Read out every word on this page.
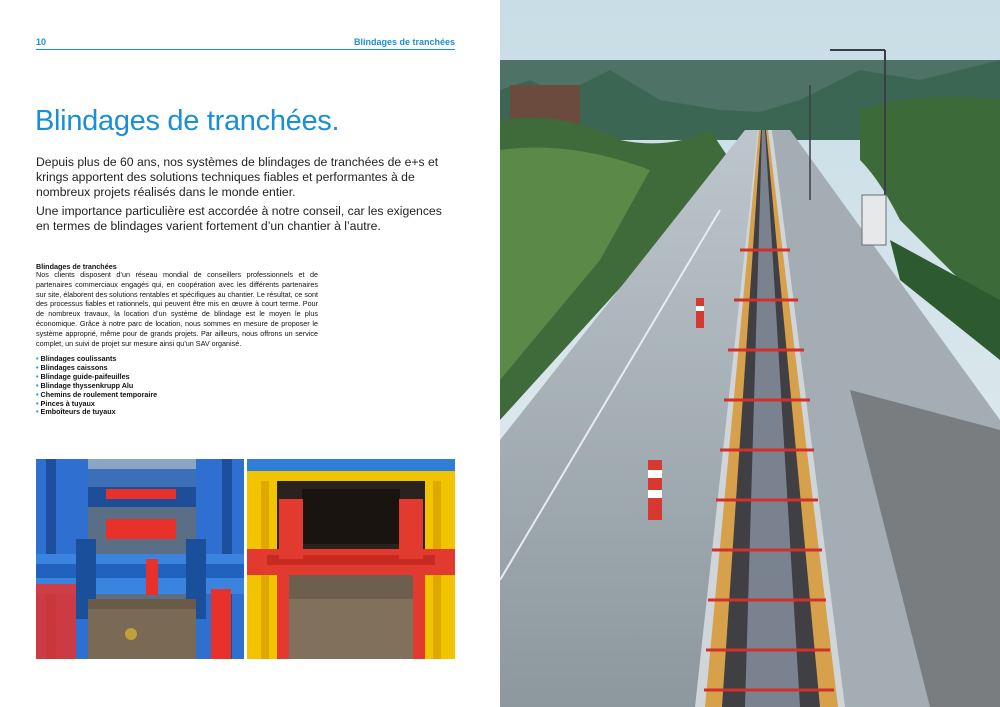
10	Blindages de tranchées
Blindages de tranchées.

Depuis plus de 60 ans, nos systèmes de blindages de tranchées de e+s et krings apportent des solutions techniques fiables et performantes à de nombreux projets réalisés dans le monde entier.

Une importance particulière est accordée à notre conseil, car les exigences en termes de blindages varient fortement d’un chantier à l’autre.

Blindages de tranchées

Nos clients disposent d’un réseau mondial de conseillers professionnels et de partenaires commerciaux engagés qui, en coopération avec les différents partenaires sur site, élaborent des solutions rentables et spécifiques au chantier. Le résultat, ce sont des processus fiables et rationnels, qui peuvent être mis en œuvre à court terme. Pour de nombreux travaux, la location d’un système de blindage est le moyen le plus économique. Grâce à notre parc de location, nous sommes en mesure de proposer le système approprié, même pour de grands projets. Par ailleurs, nous offrons un service complet, un suivi de projet sur mesure ainsi qu’un SAV organisé.

• Blindages coulissants
• Blindages caissons
• Blindage guide-paifeuilles
• Blindage thyssenkrupp Alu
• Chemins de roulement temporaire
• Pinces à tuyaux
• Emboîteurs de tuyaux
